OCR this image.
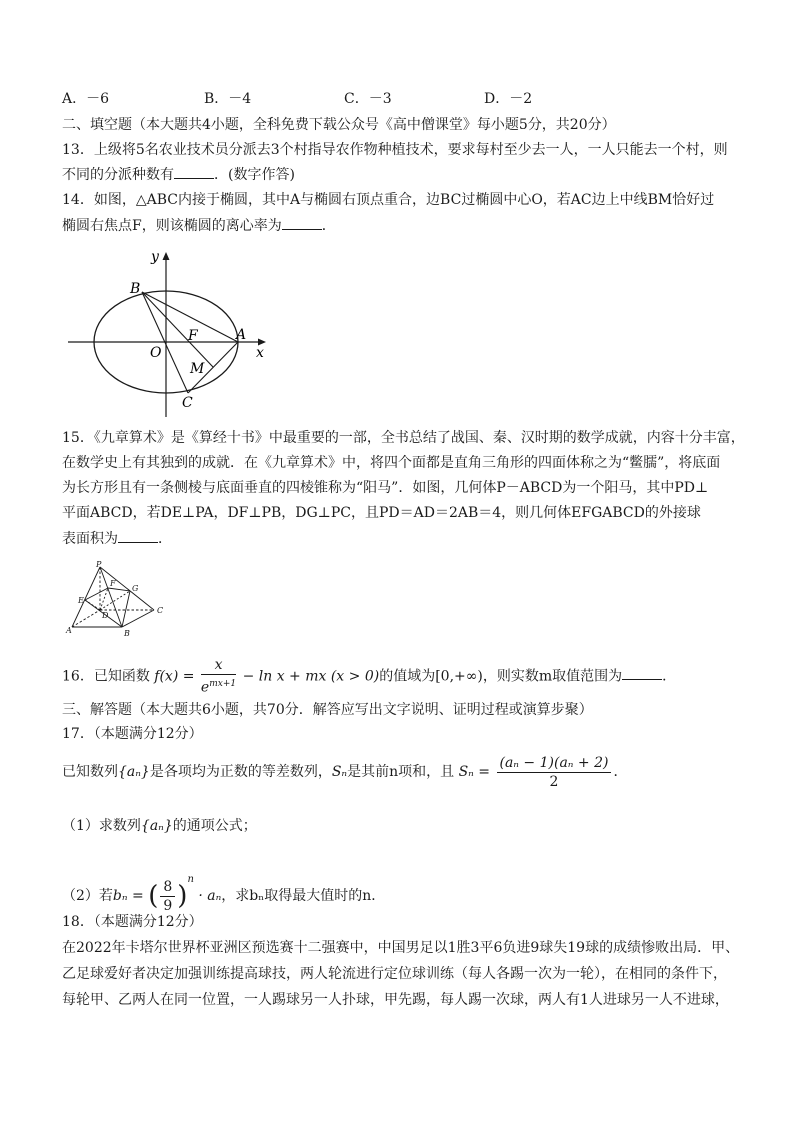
A．－6	B．－4	C．－3	D．－2
二、填空题（本大题共4小题，全科免费下载公众号《高中僧课堂》每小题5分，共20分）
13．上级将5名农业技术员分派去3个村指导农作物种植技术，要求每村至少去一人，一人只能去一个村，则
不同的分派种数有	．(数字作答)
14．如图，△ABC内接于椭圆，其中A与椭圆右顶点重合，边BC过椭圆中心O，若AC边上中线BM恰好过
椭圆右焦点F，则该椭圆的离心率为	．
y
x
B
O
F	A
M
C
15．《九章算术》是《算经十书》中最重要的一部，全书总结了战国、秦、汉时期的数学成就，内容十分丰富，
在数学史上有其独到的成就．在《九章算术》中，将四个面都是直角三角形的四面体称之为“鳖臑”，将底面
为长方形且有一条侧棱与底面垂直的四棱锥称为“阳马”．如图，几何体P－ABCD为一个阳马，其中PD⊥
平面ABCD，若DE⊥PA，DF⊥PB，DG⊥PC，且PD＝AD＝2AB＝4，则几何体EFGABCD的外接球
表面积为	．
P
F
G
E
D
C
A	B
16．已知函数 $f(x) = \frac{x}{e^{mx+1}} - \ln x$ + mx (x > 0)的值域为[0,+∞)，则实数m取值范围为	．
三、解答题（本大题共6小题，共70分．解答应写出文字说明、证明过程或演算步聚）
17．（本题满分12分）
已知数列{aₙ}是各项均为正数的等差数列，Sₙ是其前n项和，且 $S_n = \frac{\text{(aₙ − 1)(aₙ + 2)}}{2}$ ．
（1）求数列{aₙ}的通项公式；
（2）若bₙ = ( $\frac{8}{9} )^n \cdot a_n$，求bₙ取得最大值时的n．
18．（本题满分12分）
在2022年卡塔尔世界杯亚洲区预选赛十二强赛中，中国男足以1胜3平6负进9球失19球的成绩惨败出局．甲、
乙足球爱好者决定加强训练提高球技，两人轮流进行定位球训练（每人各踢一次为一轮），在相同的条件下，
每轮甲、乙两人在同一位置，一人踢球另一人扑球，甲先踢，每人踢一次球，两人有1人进球另一人不进球，
